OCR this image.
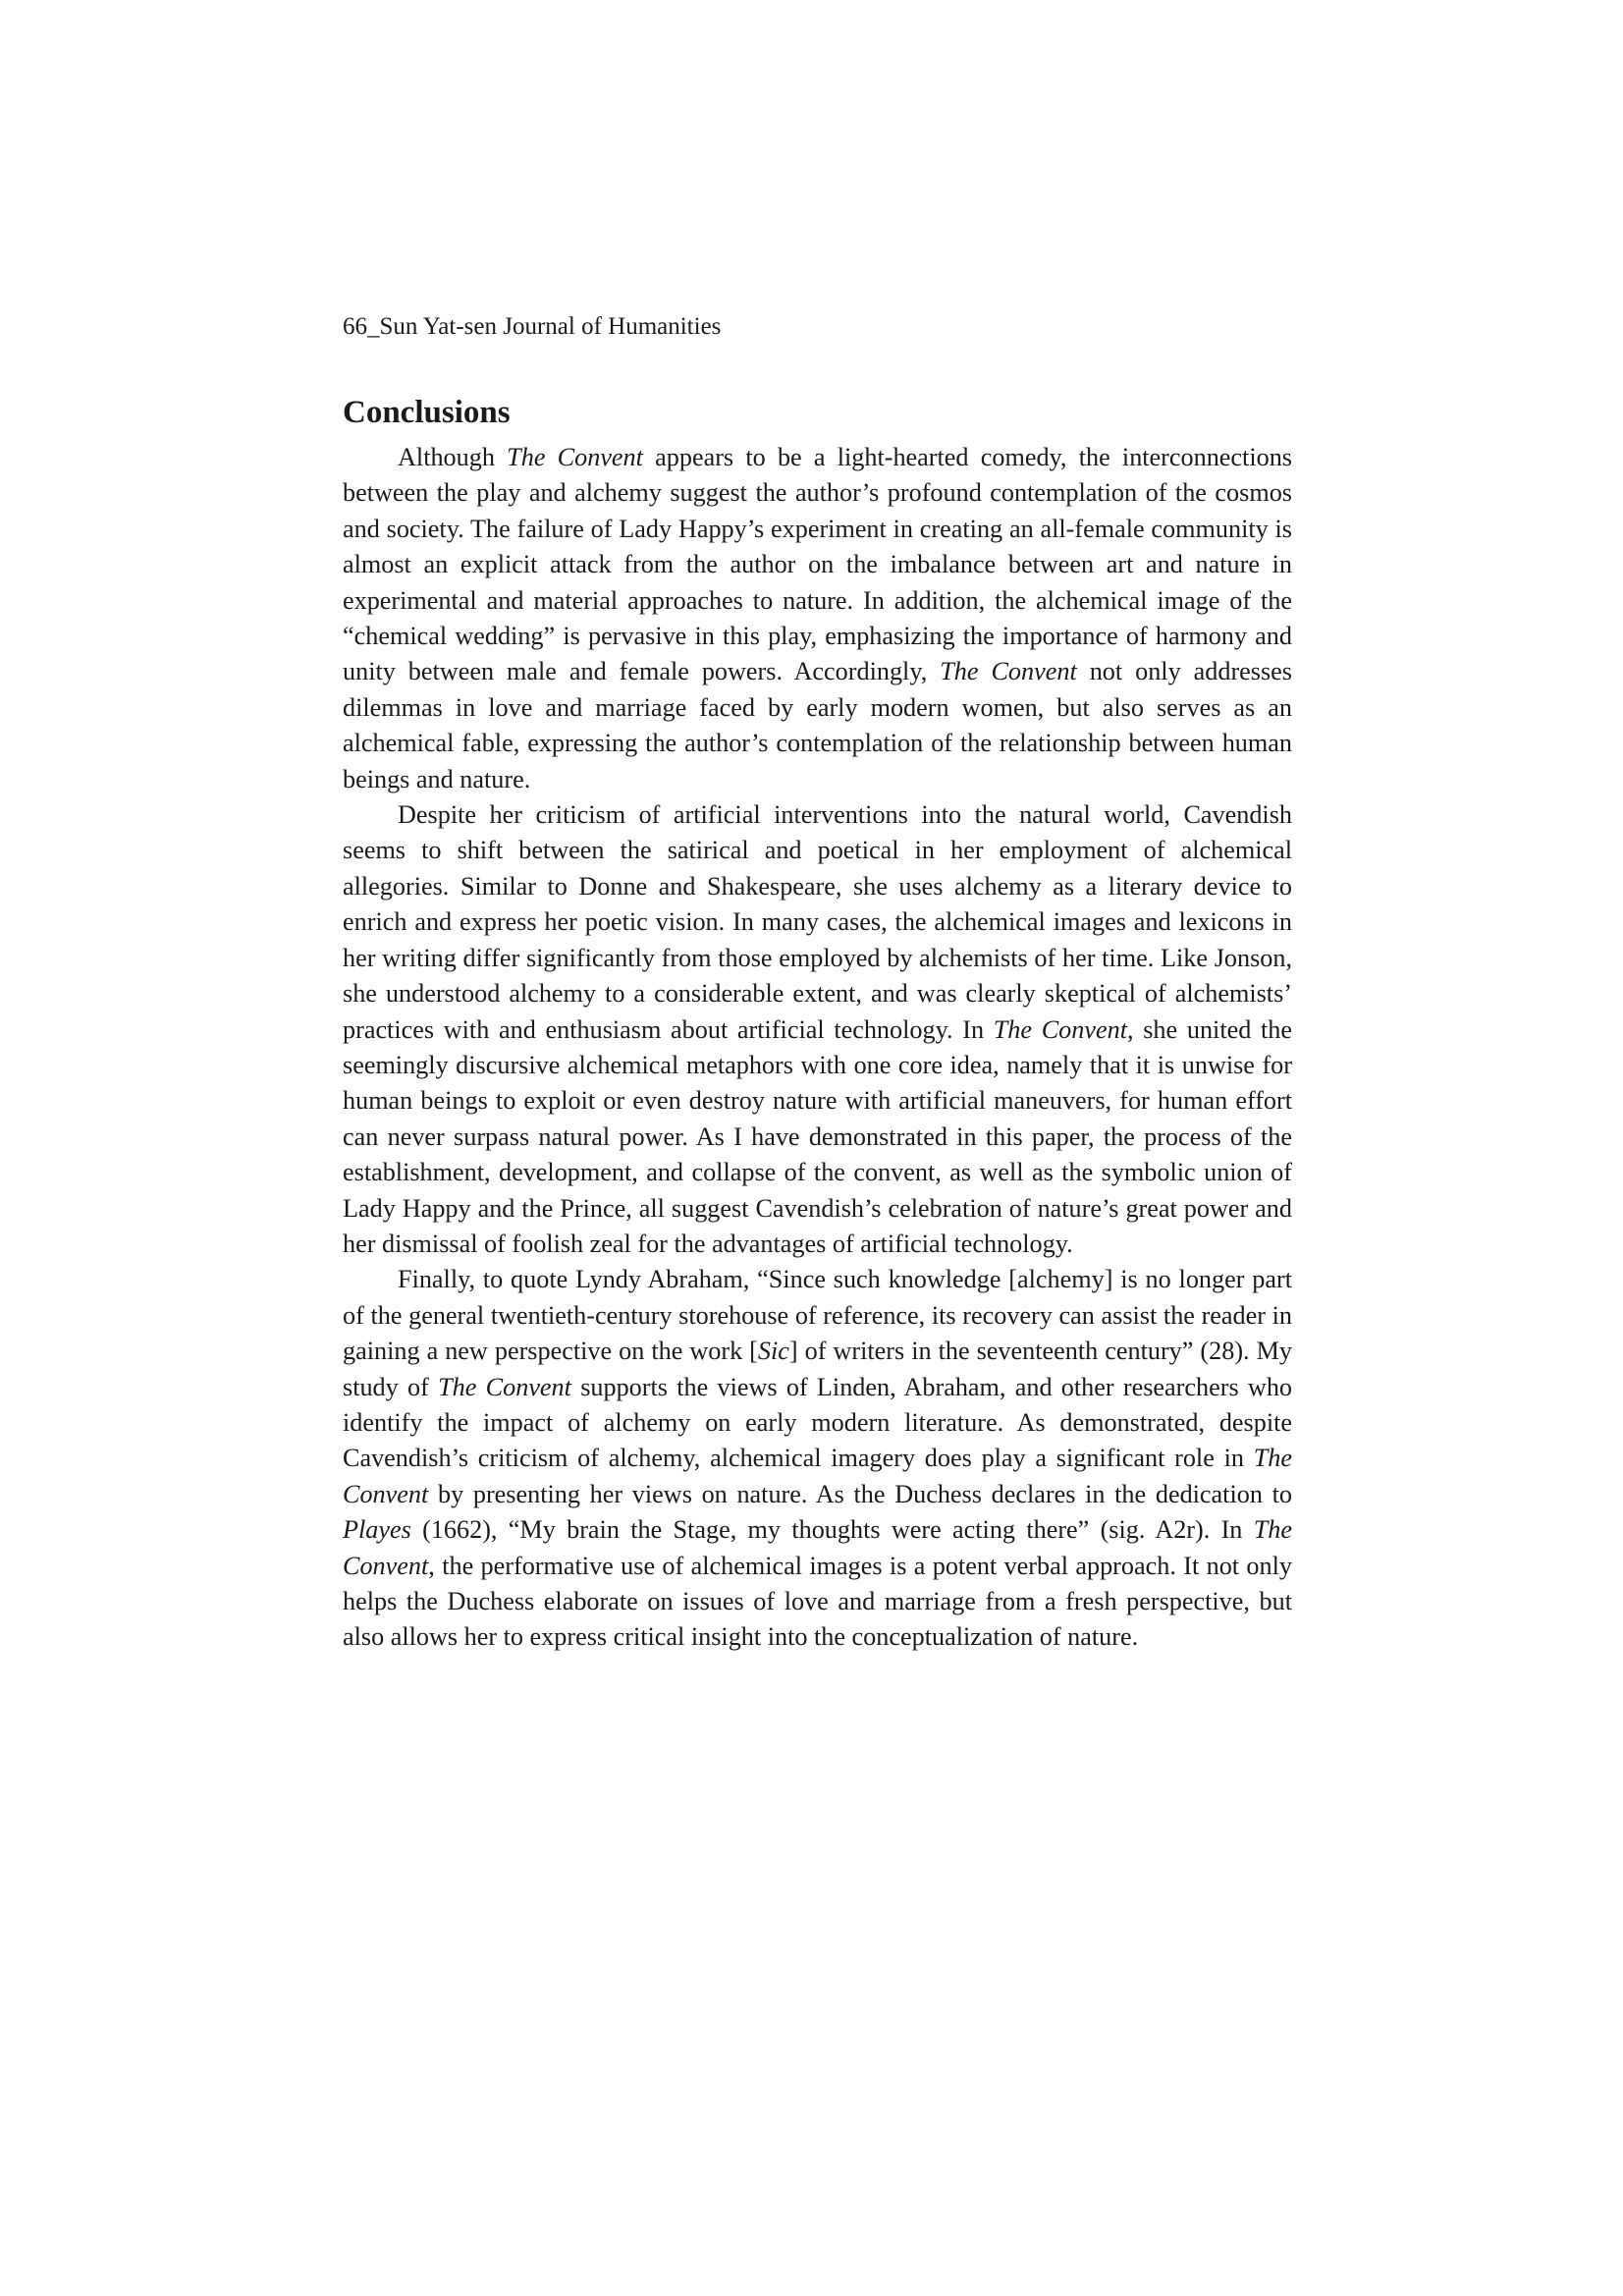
66_Sun Yat-sen Journal of Humanities
Conclusions

Although The Convent appears to be a light-hearted comedy, the interconnections between the play and alchemy suggest the author’s profound contemplation of the cosmos and society. The failure of Lady Happy’s experiment in creating an all-female community is almost an explicit attack from the author on the imbalance between art and nature in experimental and material approaches to nature. In addition, the alchemical image of the “chemical wedding” is pervasive in this play, emphasizing the importance of harmony and unity between male and female powers. Accordingly, The Convent not only addresses dilemmas in love and marriage faced by early modern women, but also serves as an alchemical fable, expressing the author’s contemplation of the relationship between human beings and nature.

Despite her criticism of artificial interventions into the natural world, Cavendish seems to shift between the satirical and poetical in her employment of alchemical allegories. Similar to Donne and Shakespeare, she uses alchemy as a literary device to enrich and express her poetic vision. In many cases, the alchemical images and lexicons in her writing differ significantly from those employed by alchemists of her time. Like Jonson, she understood alchemy to a considerable extent, and was clearly skeptical of alchemists’ practices with and enthusiasm about artificial technology. In The Convent, she united the seemingly discursive alchemical metaphors with one core idea, namely that it is unwise for human beings to exploit or even destroy nature with artificial maneuvers, for human effort can never surpass natural power. As I have demonstrated in this paper, the process of the establishment, development, and collapse of the convent, as well as the symbolic union of Lady Happy and the Prince, all suggest Cavendish’s celebration of nature’s great power and her dismissal of foolish zeal for the advantages of artificial technology.

Finally, to quote Lyndy Abraham, “Since such knowledge [alchemy] is no longer part of the general twentieth-century storehouse of reference, its recovery can assist the reader in gaining a new perspective on the work [Sic] of writers in the seventeenth century” (28). My study of The Convent supports the views of Linden, Abraham, and other researchers who identify the impact of alchemy on early modern literature. As demonstrated, despite Cavendish’s criticism of alchemy, alchemical imagery does play a significant role in The Convent by presenting her views on nature. As the Duchess declares in the dedication to Playes (1662), “My brain the Stage, my thoughts were acting there” (sig. A2r). In The Convent, the performative use of alchemical images is a potent verbal approach. It not only helps the Duchess elaborate on issues of love and marriage from a fresh perspective, but also allows her to express critical insight into the conceptualization of nature.
